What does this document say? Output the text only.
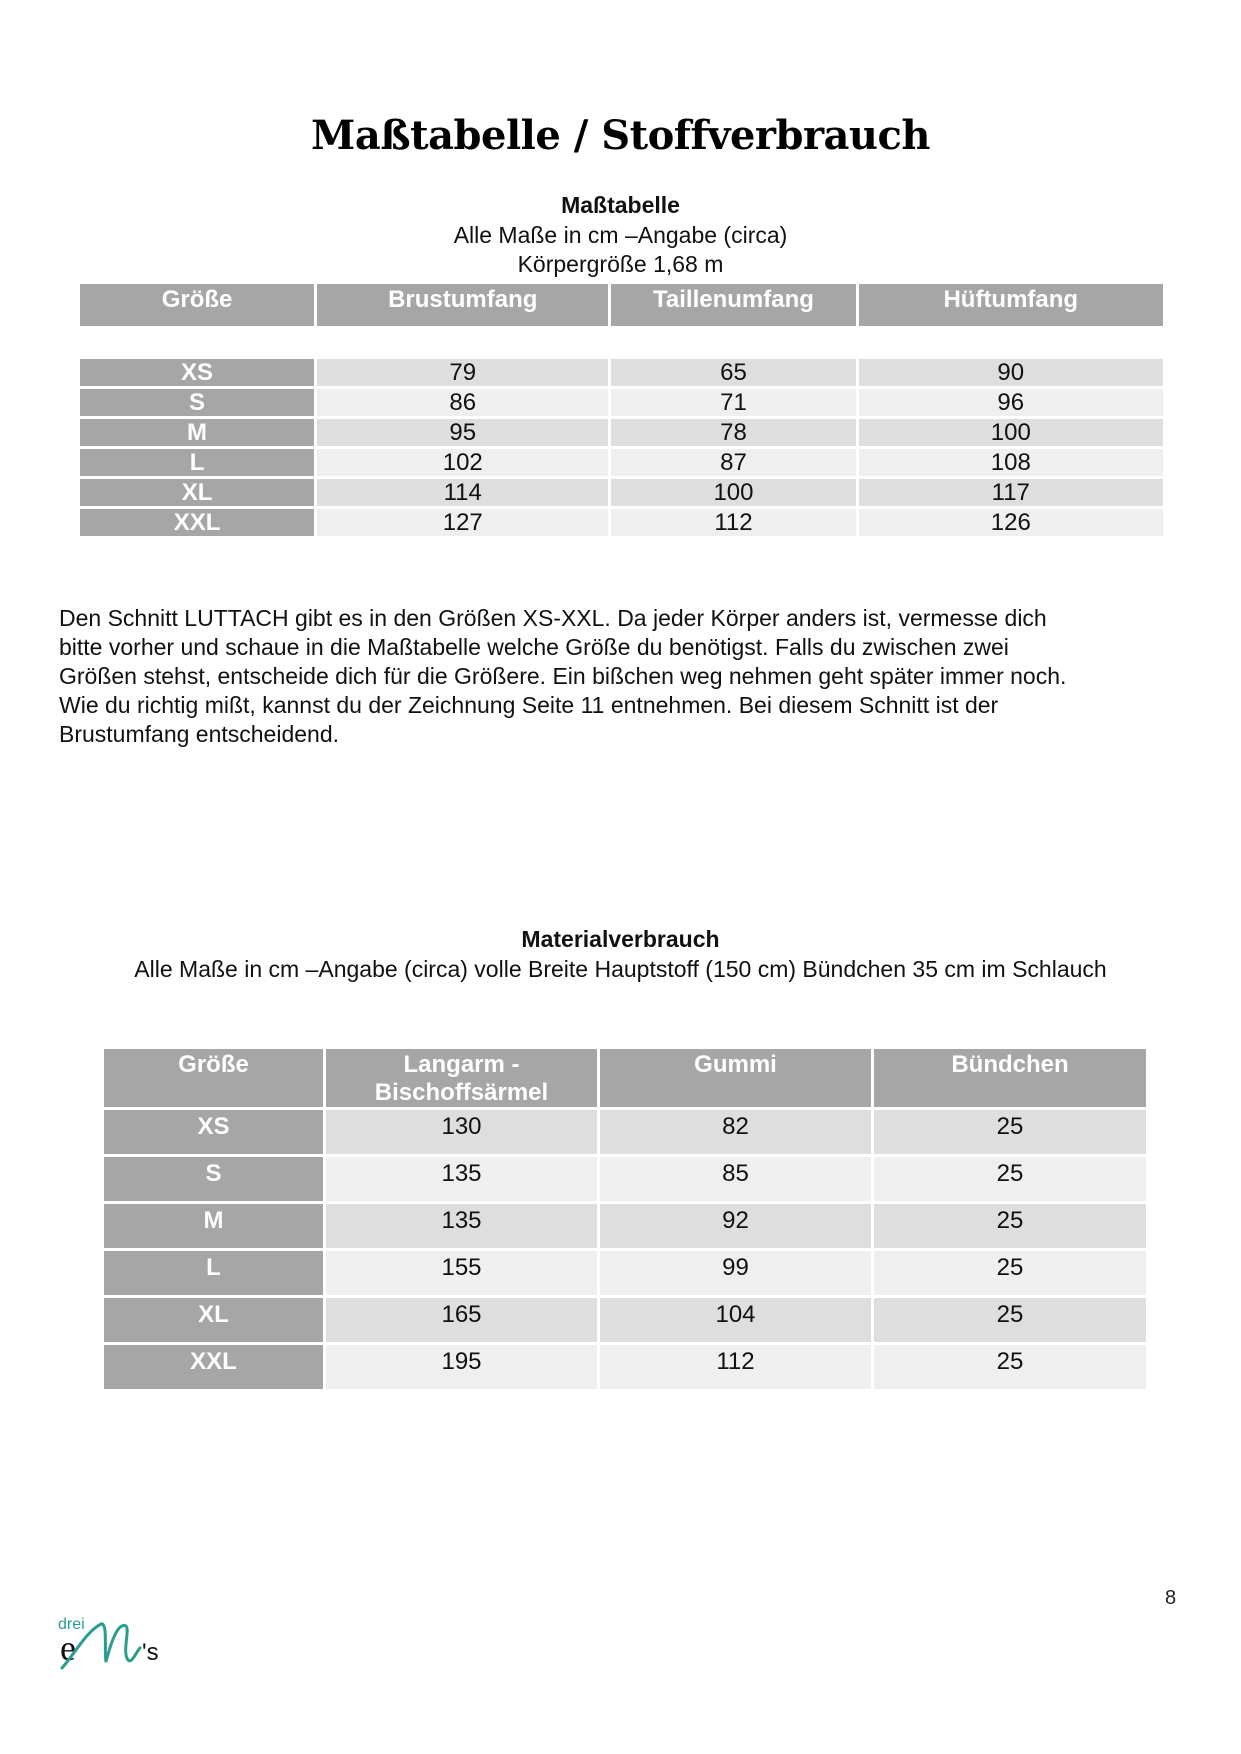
Maßtabelle / Stoffverbrauch
Maßtabelle
Alle Maße in cm –Angabe (circa)
Körpergröße 1,68 m
Größe	Brustumfang	Taillenumfang	Hüftumfang

XS	79	65	90
S	86	71	96
M	95	78	100
L	102	87	108
XL	114	100	117
XXL	127	112	126

Den Schnitt LUTTACH gibt es in den Größen XS-XXL. Da jeder Körper anders ist, vermesse dich

bitte vorher und schaue in die Maßtabelle welche Größe du benötigst. Falls du zwischen zwei

Größen stehst, entscheide dich für die Größere. Ein bißchen weg nehmen geht später immer noch.

Wie du richtig mißt, kannst du der Zeichnung Seite 11 entnehmen. Bei diesem Schnitt ist der

Brustumfang entscheidend.

Materialverbrauch
Alle Maße in cm –Angabe (circa) volle Breite Hauptstoff (150 cm) Bündchen 35 cm im Schlauch
Größe	Langarm - Bischoffsärmel	Gummi	Bündchen
XS	130	82	25
S	135	85	25
M	135	92	25
L	155	99	25
XL	165	104	25
XXL	195	112	25
8
drei
e	's
